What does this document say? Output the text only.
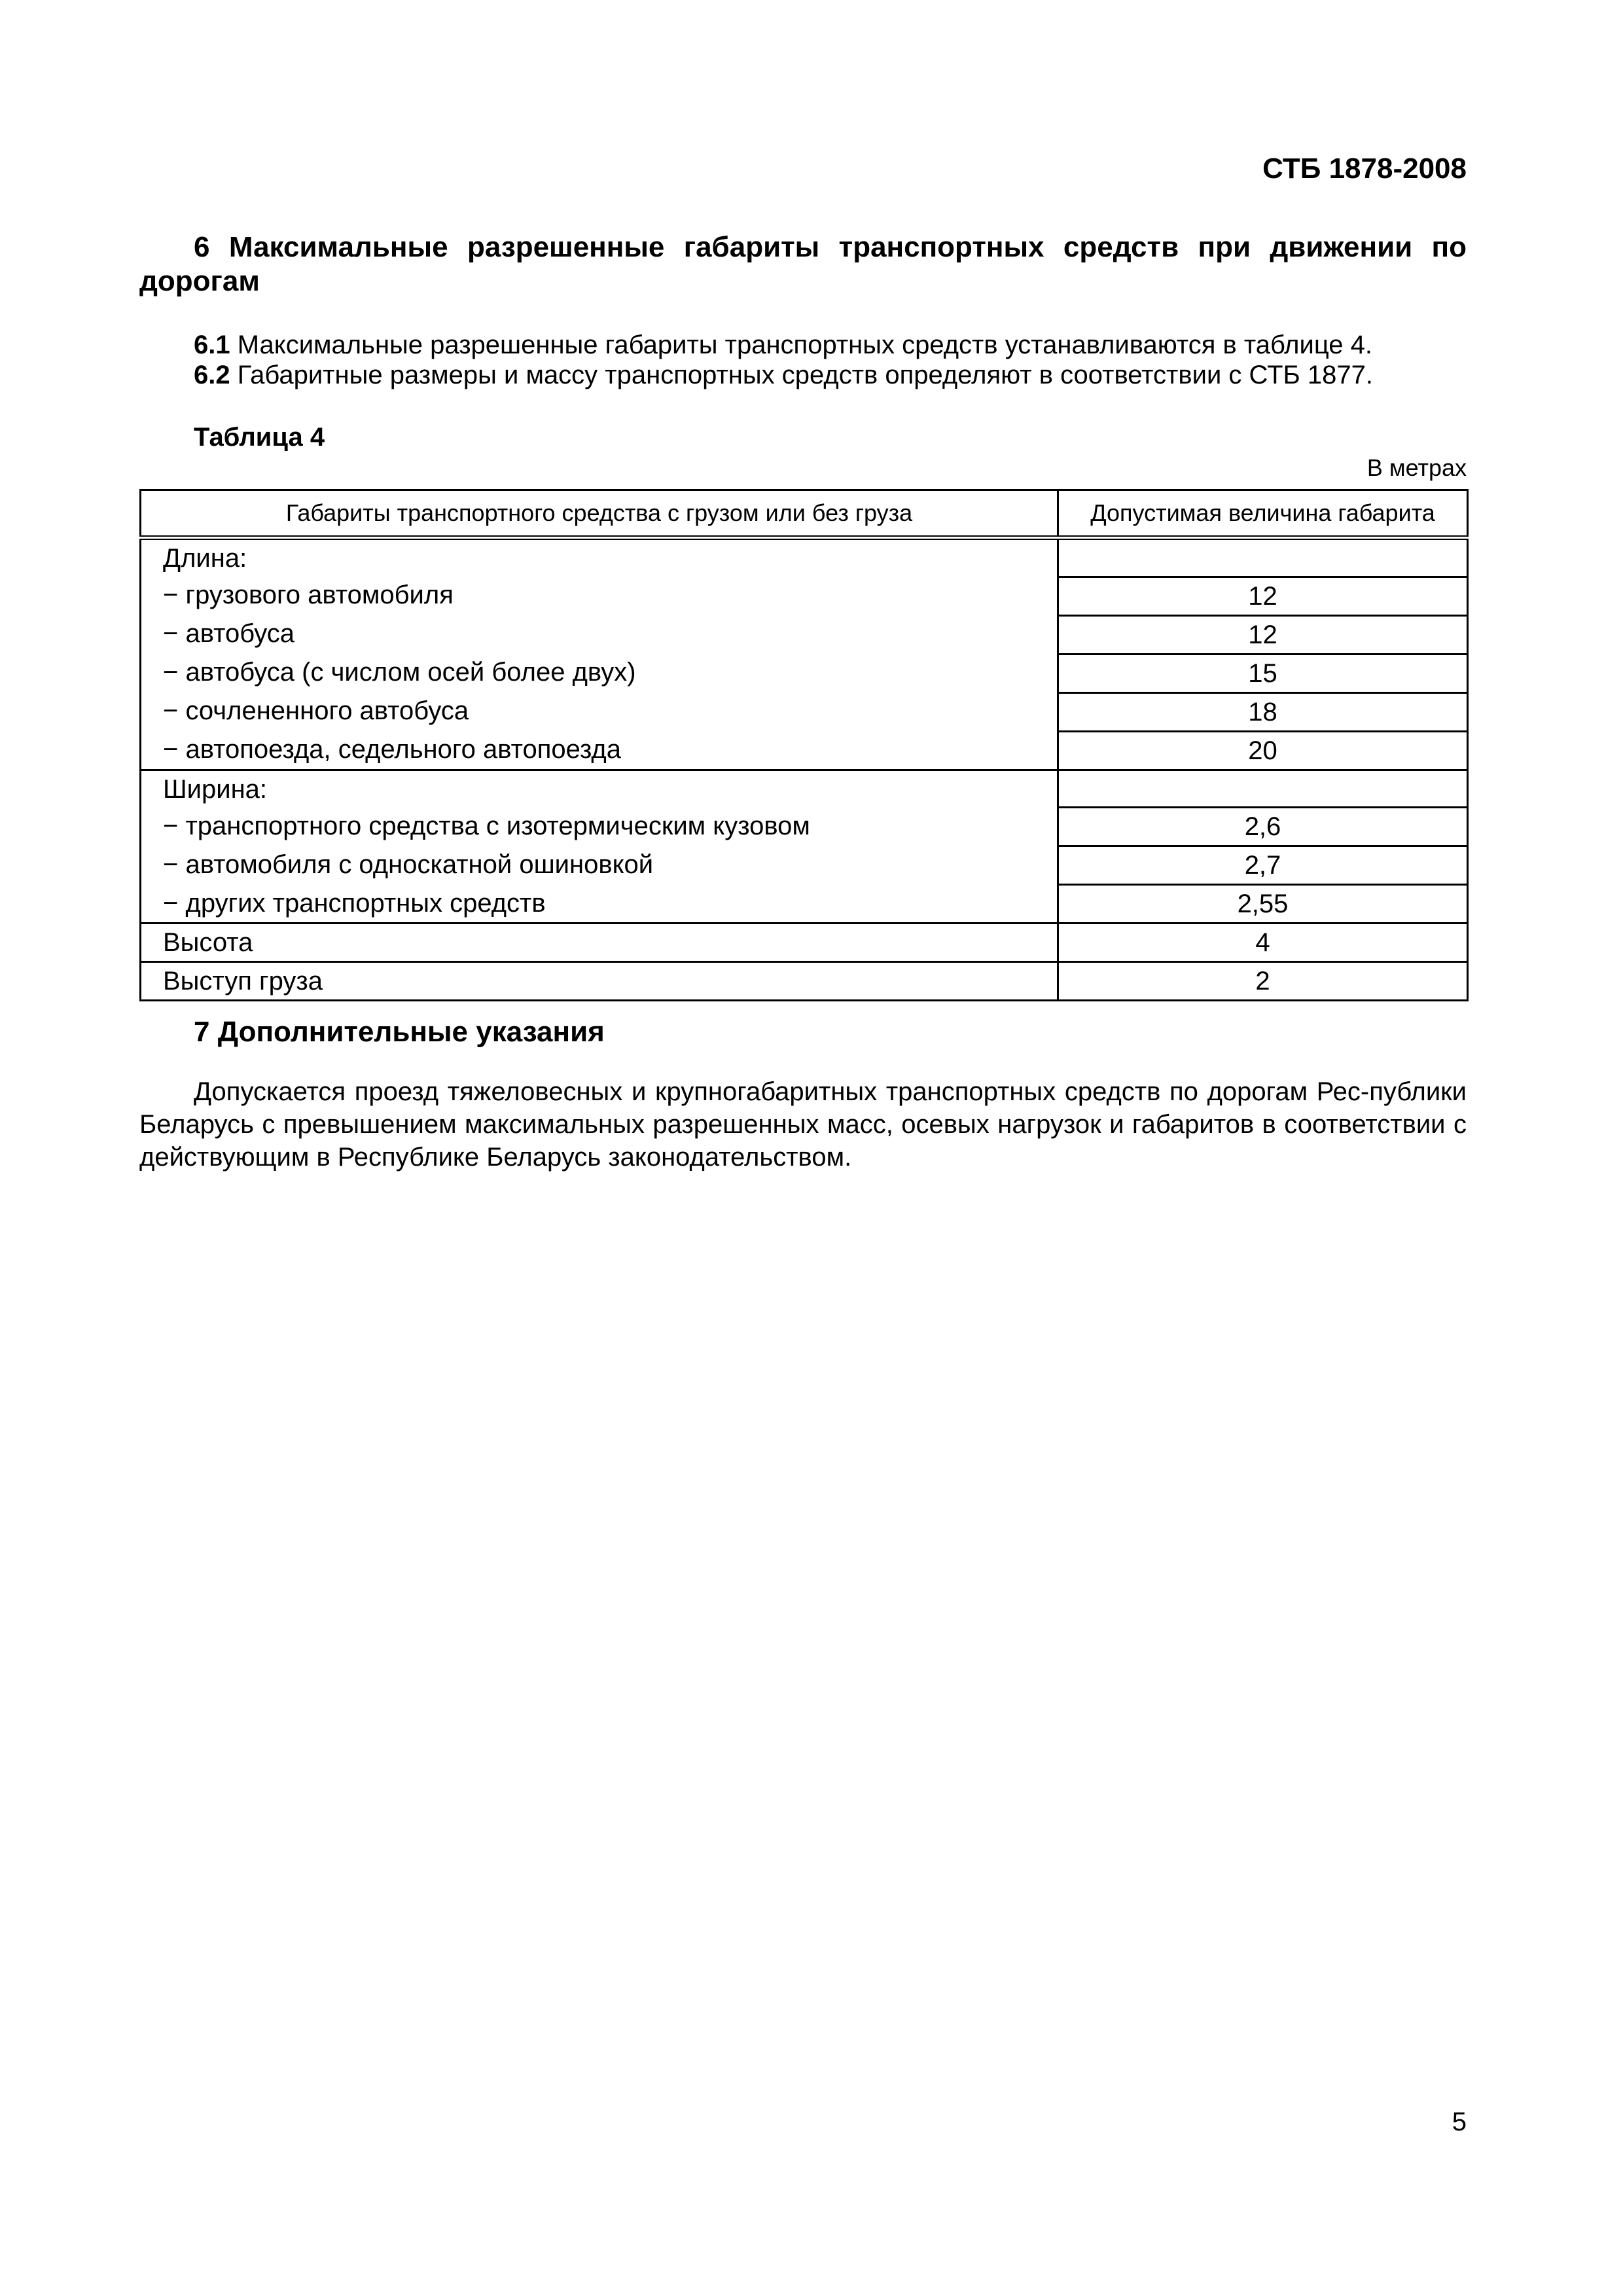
СТБ 1878-2008

6 Максимальные разрешенные габариты транспортных средств при движении по дорогам

6.1 Максимальные разрешенные габариты транспортных средств устанавливаются в таблице 4.

6.2 Габаритные размеры и массу транспортных средств определяют в соответствии с СТБ 1877.

Таблица 4

В метрах

Габариты транспортного средства с грузом или без груза	Допустимая величина габарита
Длина:	
− грузового автомобиля	12
− автобуса	12
− автобуса (с числом осей более двух)	15
− сочлененного автобуса	18
− автопоезда, седельного автопоезда	20
Ширина:	
− транспортного средства с изотермическим кузовом	2,6
− автомобиля с односкатной ошиновкой	2,7
− других транспортных средств	2,55
Высота	4
Выступ груза	2

7 Дополнительные указания

Допускается проезд тяжеловесных и крупногабаритных транспортных средств по дорогам Рес-публики Беларусь с превышением максимальных разрешенных масс, осевых нагрузок и габаритов в соответствии с действующим в Республике Беларусь законодательством.

5
